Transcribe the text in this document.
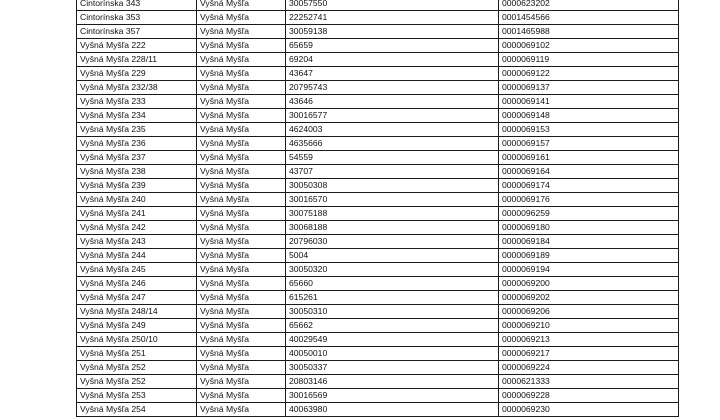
Cintorínska 343	Vyšná Myšľa	30057550	0000623202
Cintorínska 353	Vyšná Myšľa	22252741	0001454566
Cintorínska 357	Vyšná Myšľa	30059138	0001465988
Vyšná Myšľa 222	Vyšná Myšľa	65659	0000069102
Vyšná Myšľa 228/11	Vyšná Myšľa	69204	0000069119
Vyšná Myšľa 229	Vyšná Myšľa	43647	0000069122
Vyšná Myšľa 232/38	Vyšná Myšľa	20795743	0000069137
Vyšná Myšľa 233	Vyšná Myšľa	43646	0000069141
Vyšná Myšľa 234	Vyšná Myšľa	30016577	0000069148
Vyšná Myšľa 235	Vyšná Myšľa	4624003	0000069153
Vyšná Myšľa 236	Vyšná Myšľa	4635666	0000069157
Vyšná Myšľa 237	Vyšná Myšľa	54559	0000069161
Vyšná Myšľa 238	Vyšná Myšľa	43707	0000069164
Vyšná Myšľa 239	Vyšná Myšľa	30050308	0000069174
Vyšná Myšľa 240	Vyšná Myšľa	30016570	0000069176
Vyšná Myšľa 241	Vyšná Myšľa	30075188	0000096259
Vyšná Myšľa 242	Vyšná Myšľa	30068188	0000069180
Vyšná Myšľa 243	Vyšná Myšľa	20796030	0000069184
Vyšná Myšľa 244	Vyšná Myšľa	5004	0000069189
Vyšná Myšľa 245	Vyšná Myšľa	30050320	0000069194
Vyšná Myšľa 246	Vyšná Myšľa	65660	0000069200
Vyšná Myšľa 247	Vyšná Myšľa	615261	0000069202
Vyšná Myšľa 248/14	Vyšná Myšľa	30050310	0000069206
Vyšná Myšľa 249	Vyšná Myšľa	65662	0000069210
Vyšná Myšľa 250/10	Vyšná Myšľa	40029549	0000069213
Vyšná Myšľa 251	Vyšná Myšľa	40050010	0000069217
Vyšná Myšľa 252	Vyšná Myšľa	30050337	0000069224
Vyšná Myšľa 252	Vyšná Myšľa	20803146	0000621333
Vyšná Myšľa 253	Vyšná Myšľa	30016569	0000069228
Vyšná Myšľa 254	Vyšná Myšľa	40063980	0000069230
